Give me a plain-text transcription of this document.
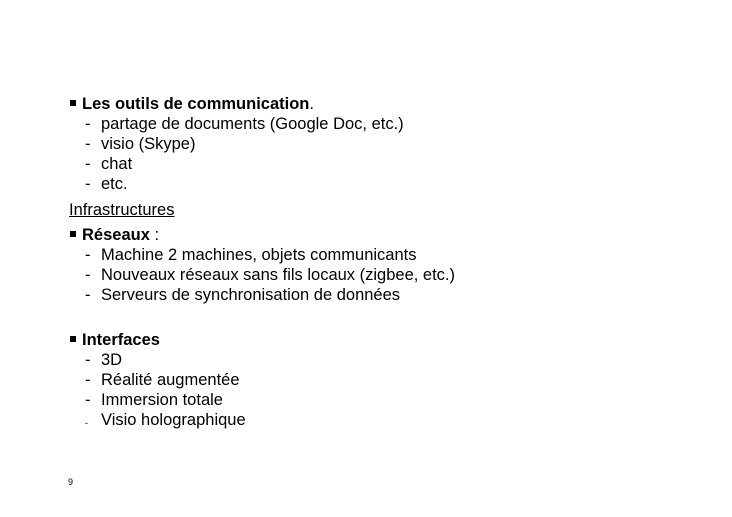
Les outils de communication.
- partage de documents (Google Doc, etc.)
- visio (Skype)
- chat
- etc.
Infrastructures
Réseaux :
- Machine 2 machines, objets communicants
- Nouveaux réseaux sans fils locaux (zigbee, etc.)
- Serveurs de synchronisation de données
Interfaces
- 3D
- Réalité augmentée
- Immersion totale
- Visio holographique
9
